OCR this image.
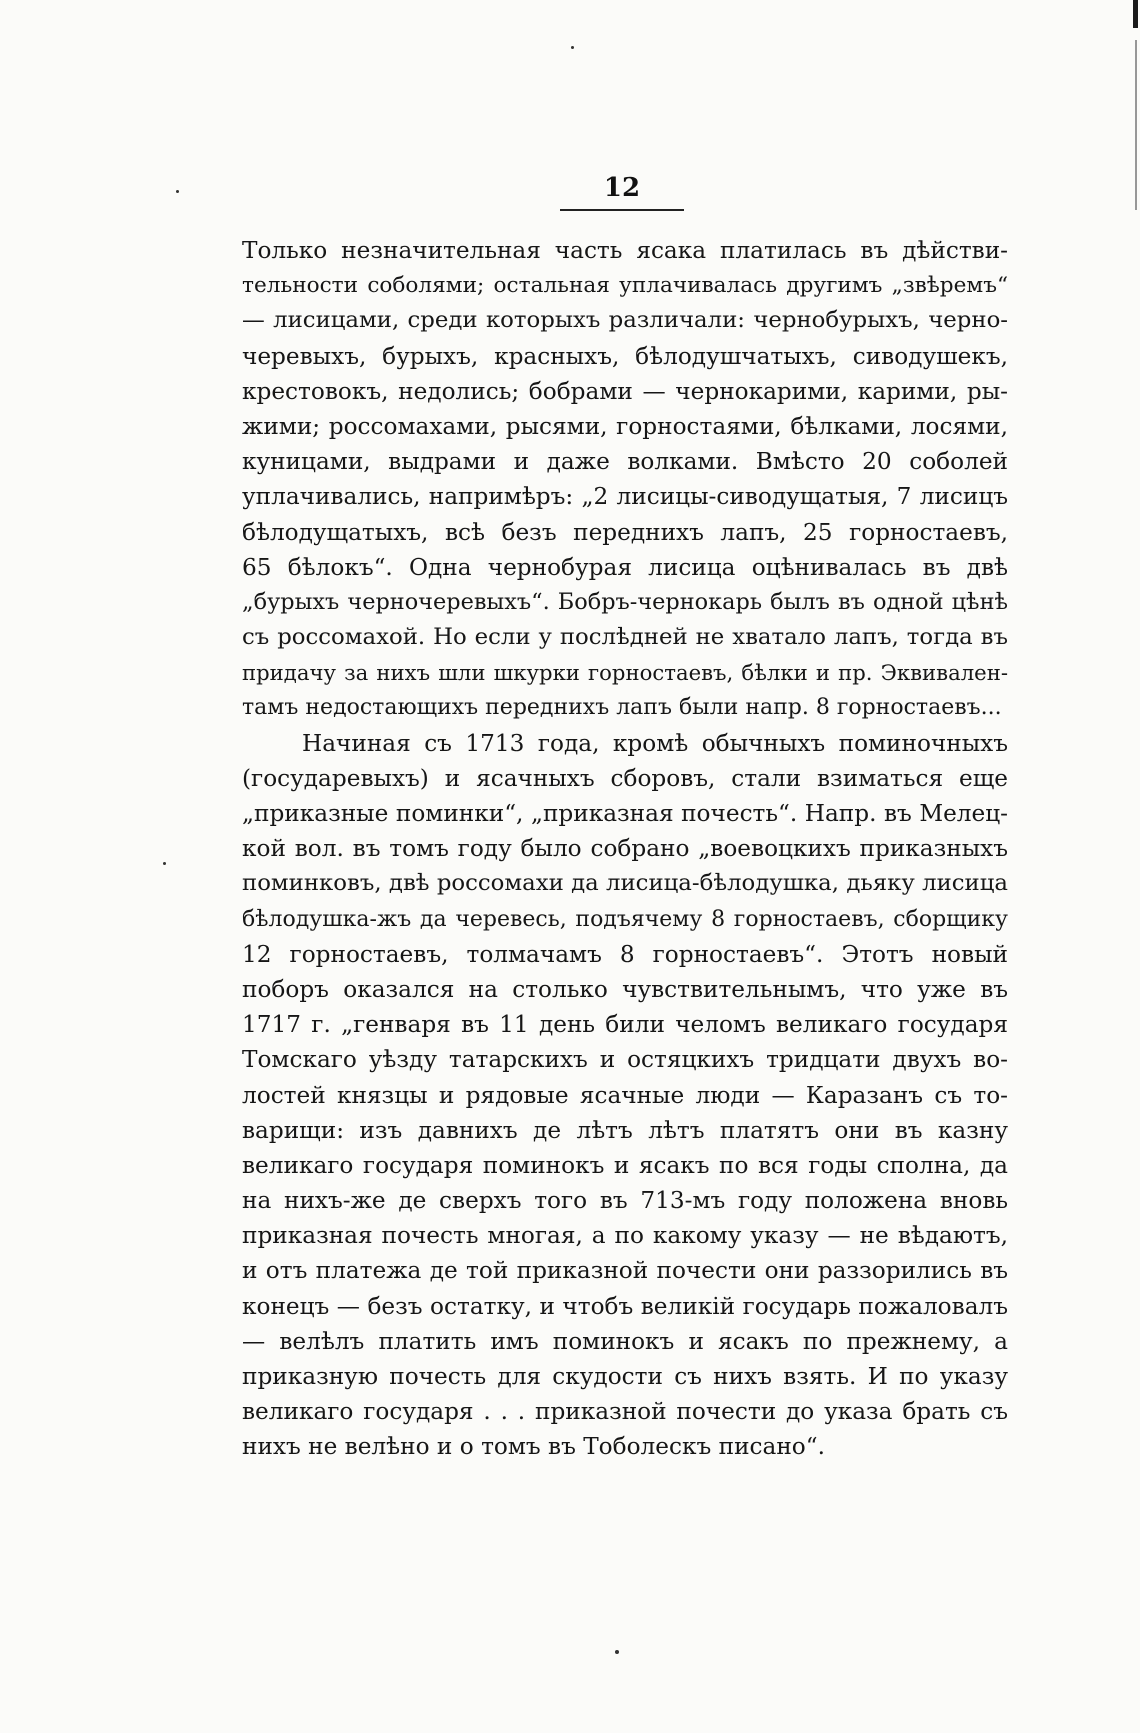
12
Только незначительная часть ясака платилась въ дѣйстви-
тельности соболями; остальная уплачивалась другимъ „звѣремъ“
— лисицами, среди которыхъ различали: чернобурыхъ, черно-
черевыхъ, бурыхъ, красныхъ, бѣлодушчатыхъ, сиводушекъ,
крестовокъ, недолись; бобрами — чернокарими, карими, ры-
жими; россомахами, рысями, горностаями, бѣлками, лосями,
куницами, выдрами и даже волками. Вмѣсто 20 соболей
уплачивались, напримѣръ: „2 лисицы-сиводущатыя, 7 лисицъ
бѣлодущатыхъ, всѣ безъ переднихъ лапъ, 25 горностаевъ,
65 бѣлокъ“. Одна чернобурая лисица оцѣнивалась въ двѣ
„бурыхъ черночеревыхъ“. Бобръ-чернокарь былъ въ одной цѣнѣ
съ россомахой. Но если у послѣдней не хватало лапъ, тогда въ
придачу за нихъ шли шкурки горностаевъ, бѣлки и пр. Эквивален-
тамъ недостающихъ переднихъ лапъ были напр. 8 горностаевъ...
Начиная съ 1713 года, кромѣ обычныхъ поминочныхъ
(государевыхъ) и ясачныхъ сборовъ, стали взиматься еще
„приказные поминки“, „приказная почесть“. Напр. въ Мелец-
кой вол. въ томъ году было собрано „воевоцкихъ приказныхъ
поминковъ, двѣ россомахи да лисица-бѣлодушка, дьяку лисица
бѣлодушка-жъ да черевесь, подъячему 8 горностаевъ, сборщику
12 горностаевъ, толмачамъ 8 горностаевъ“. Этотъ новый
поборъ оказался на столько чувствительнымъ, что уже въ
1717 г. „генваря въ 11 день били челомъ великаго государя
Томскаго уѣзду татарскихъ и остяцкихъ тридцати двухъ во-
лостей князцы и рядовые ясачные люди — Каразанъ съ то-
варищи: изъ давнихъ де лѣтъ лѣтъ платятъ они въ казну
великаго государя поминокъ и ясакъ по вся годы сполна, да
на нихъ-же де сверхъ того въ 713-мъ году положена вновь
приказная почесть многая, а по какому указу — не вѣдаютъ,
и отъ платежа де той приказной почести они раззорились въ
конецъ — безъ остатку, и чтобъ великій государь пожаловалъ
— велѣлъ платить имъ поминокъ и ясакъ по прежнему, а
приказную почесть для скудости съ нихъ взять. И по указу
великаго государя . . . приказной почести до указа брать съ
нихъ не велѣно и о томъ въ Тоболескъ писано“.
